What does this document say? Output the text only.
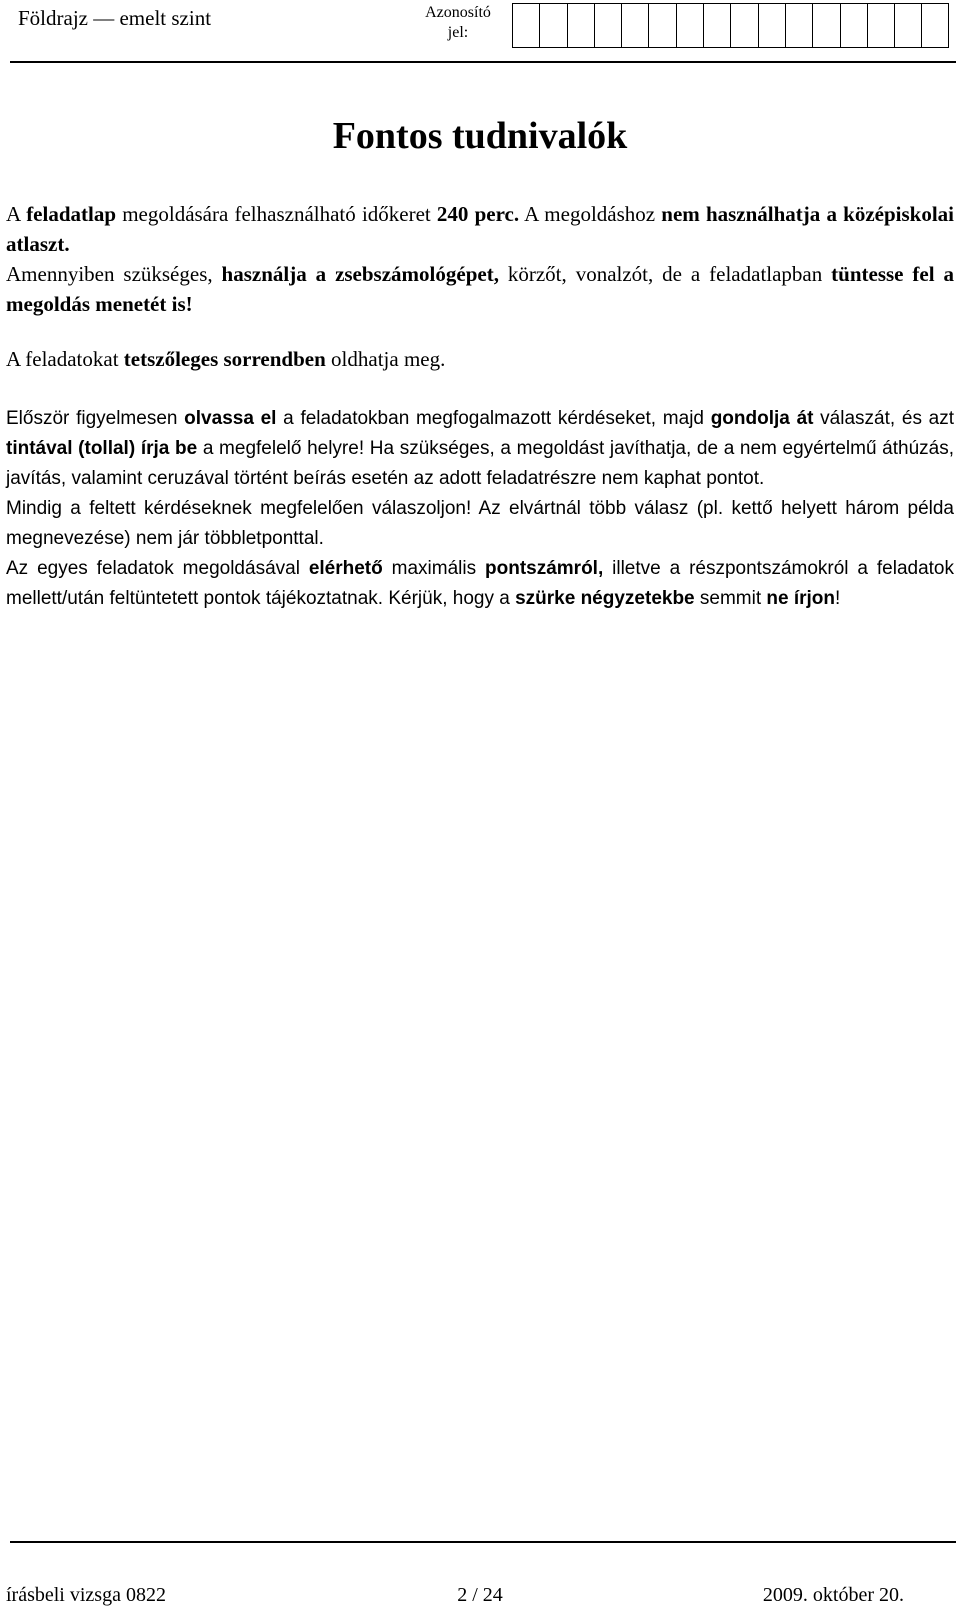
Földrajz — emelt szint	Azonosító jel:
Fontos tudnivalók

A feladatlap megoldására felhasználható időkeret 240 perc. A megoldáshoz nem használhatja a középiskolai atlaszt.

Amennyiben szükséges, használja a zsebszámológépet, körzőt, vonalzót, de a feladatlapban tüntesse fel a megoldás menetét is!

A feladatokat tetszőleges sorrendben oldhatja meg.

Először figyelmesen olvassa el a feladatokban megfogalmazott kérdéseket, majd gondolja át válaszát, és azt tintával (tollal) írja be a megfelelő helyre! Ha szükséges, a megoldást javíthatja, de a nem egyértelmű áthúzás, javítás, valamint ceruzával történt beírás esetén az adott feladatrészre nem kaphat pontot.

Mindig a feltett kérdéseknek megfelelően válaszoljon! Az elvártnál több válasz (pl. kettő helyett három példa megnevezése) nem jár többletponttal.

Az egyes feladatok megoldásával elérhető maximális pontszámról, illetve a részpontszámokról a feladatok mellett/után feltüntetett pontok tájékoztatnak. Kérjük, hogy a szürke négyzetekbe semmit ne írjon!

írásbeli vizsga 0822	2 / 24	2009. október 20.
